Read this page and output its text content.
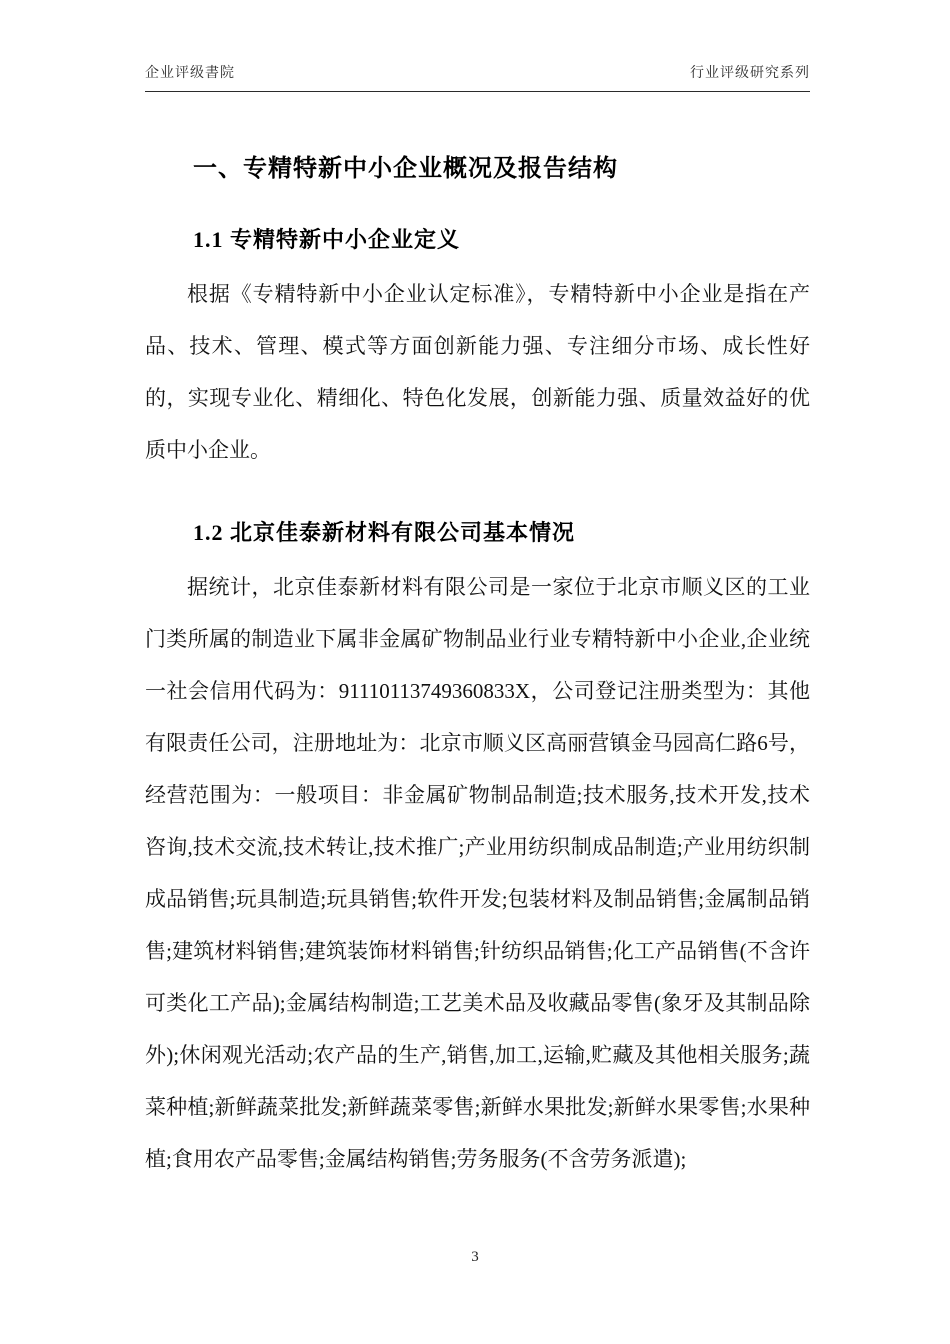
企业评级書院	行业评级研究系列
一、专精特新中小企业概况及报告结构
1.1 专精特新中小企业定义

根据《专精特新中小企业认定标准》，专精特新中小企业是指在产品、技术、管理、模式等方面创新能力强、专注细分市场、成长性好的，实现专业化、精细化、特色化发展，创新能力强、质量效益好的优质中小企业。

1.2 北京佳泰新材料有限公司基本情况

据统计，北京佳泰新材料有限公司是一家位于北京市顺义区的工业门类所属的制造业下属非金属矿物制品业行业专精特新中小企业,企业统一社会信用代码为：91110113749360833X，公司登记注册类型为：其他有限责任公司，注册地址为：北京市顺义区高丽营镇金马园高仁路6号，经营范围为：一般项目：非金属矿物制品制造;技术服务,技术开发,技术咨询,技术交流,技术转让,技术推广;产业用纺织制成品制造;产业用纺织制成品销售;玩具制造;玩具销售;软件开发;包装材料及制品销售;金属制品销售;建筑材料销售;建筑装饰材料销售;针纺织品销售;化工产品销售(不含许可类化工产品);金属结构制造;工艺美术品及收藏品零售(象牙及其制品除外);休闲观光活动;农产品的生产,销售,加工,运输,贮藏及其他相关服务;蔬菜种植;新鲜蔬菜批发;新鲜蔬菜零售;新鲜水果批发;新鲜水果零售;水果种植;食用农产品零售;金属结构销售;劳务服务(不含劳务派遣);

3
